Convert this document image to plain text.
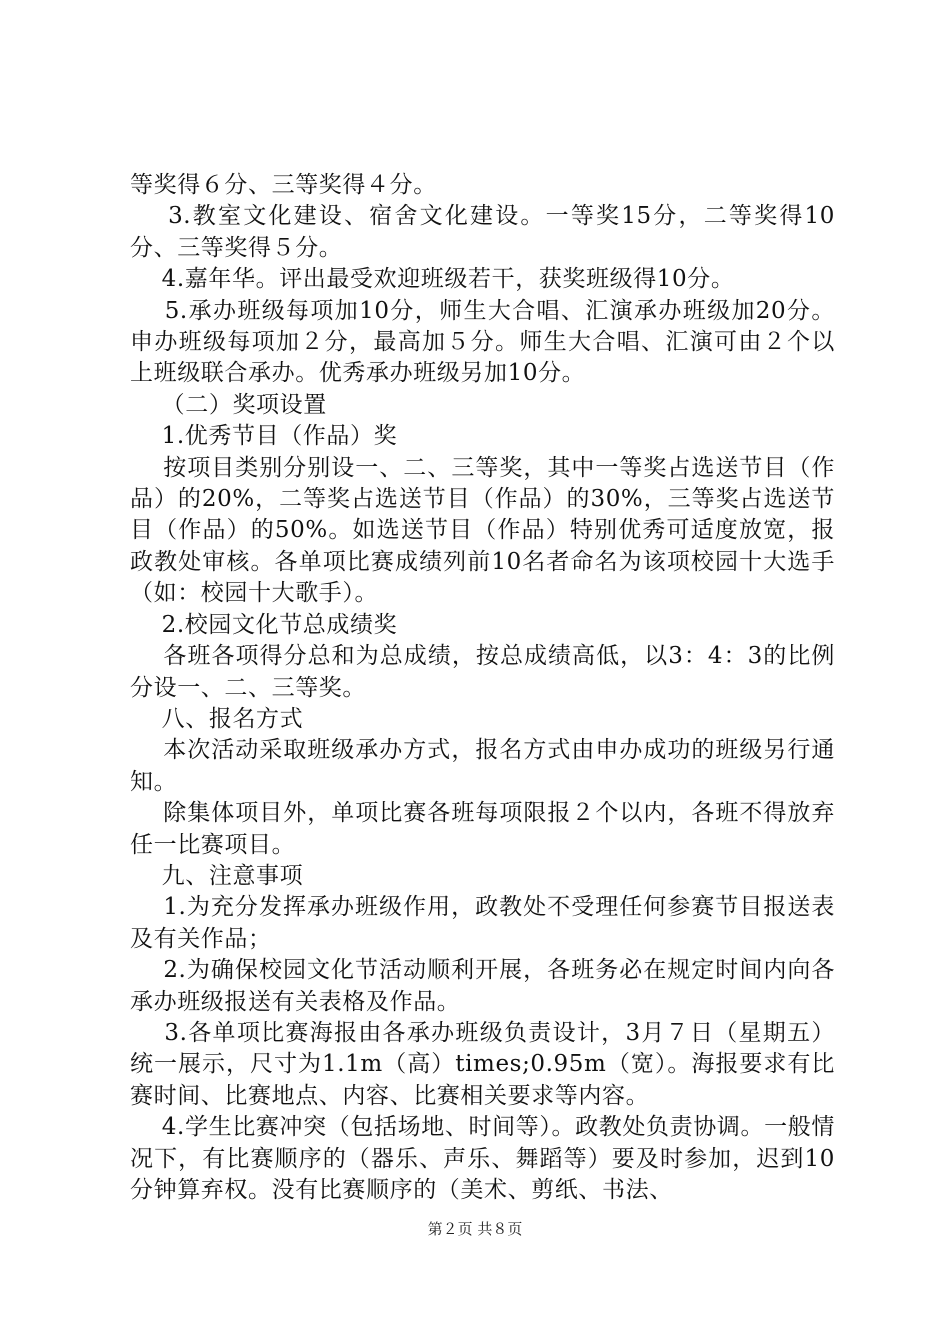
等奖得６分、三等奖得４分。

3.教室文化建设、宿舍文化建设。一等奖15分，二等奖得10分、三等奖得５分。

4.嘉年华。评出最受欢迎班级若干，获奖班级得10分。

5.承办班级每项加10分，师生大合唱、汇演承办班级加20分。申办班级每项加２分，最高加５分。师生大合唱、汇演可由２个以上班级联合承办。优秀承办班级另加10分。

（二）奖项设置

1.优秀节目（作品）奖

按项目类别分别设一、二、三等奖，其中一等奖占选送节目（作品）的20%，二等奖占选送节目（作品）的30%，三等奖占选送节目（作品）的50%。如选送节目（作品）特别优秀可适度放宽，报政教处审核。各单项比赛成绩列前10名者命名为该项校园十大选手（如：校园十大歌手）。

2.校园文化节总成绩奖

各班各项得分总和为总成绩，按总成绩高低，以3：4：3的比例分设一、二、三等奖。

八、报名方式

本次活动采取班级承办方式，报名方式由申办成功的班级另行通知。

除集体项目外，单项比赛各班每项限报２个以内，各班不得放弃任一比赛项目。

九、注意事项

1.为充分发挥承办班级作用，政教处不受理任何参赛节目报送表及有关作品；

2.为确保校园文化节活动顺利开展，各班务必在规定时间内向各承办班级报送有关表格及作品。

3.各单项比赛海报由各承办班级负责设计，3月７日（星期五）统一展示，尺寸为1.1m（高）times;0.95m（宽）。海报要求有比赛时间、比赛地点、内容、比赛相关要求等内容。

4.学生比赛冲突（包括场地、时间等）。政教处负责协调。一般情况下，有比赛顺序的（器乐、声乐、舞蹈等）要及时参加，迟到10分钟算弃权。没有比赛顺序的（美术、剪纸、书法、

第２页 共８页
